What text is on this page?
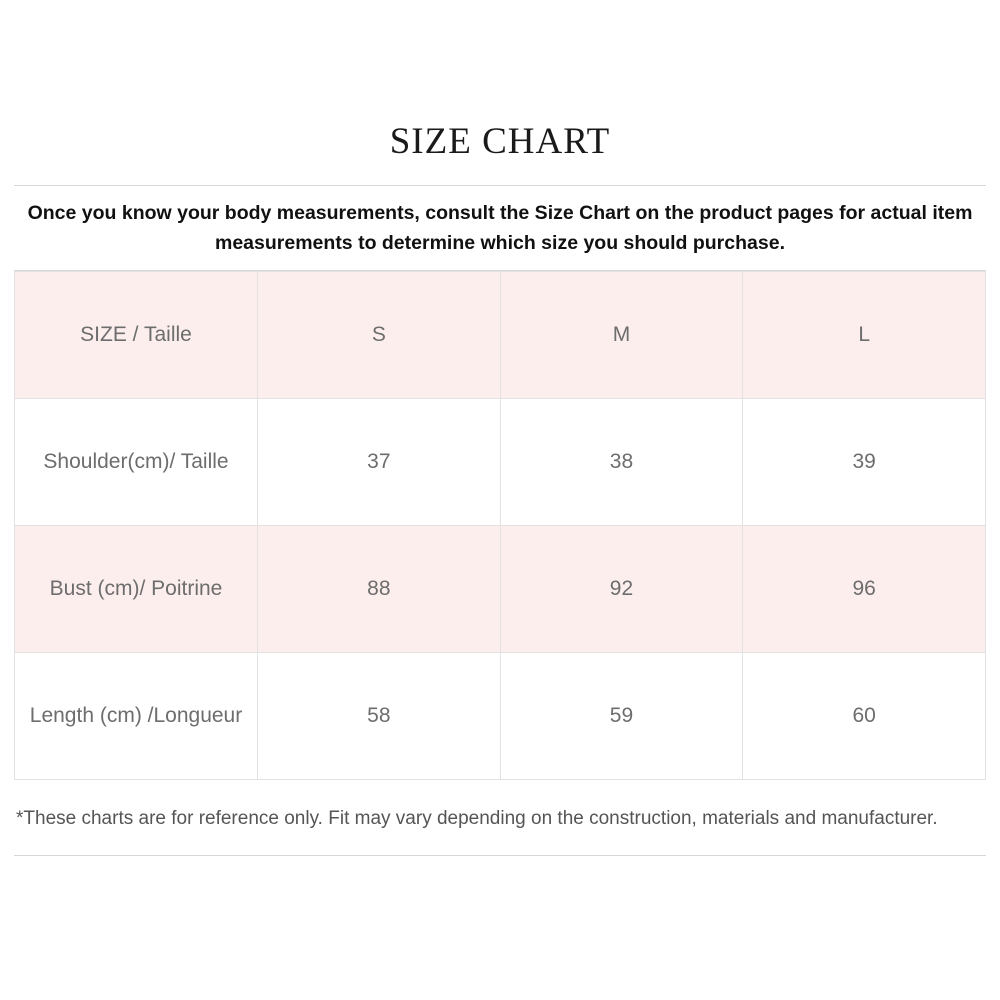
SIZE CHART
Once you know your body measurements, consult the Size Chart on the product pages for actual item measurements to determine which size you should purchase.
SIZE / Taille	S	M	L
Shoulder(cm)/ Taille	37	38	39
Bust (cm)/ Poitrine	88	92	96
Length (cm) /Longueur	58	59	60
*These charts are for reference only. Fit may vary depending on the construction, materials and manufacturer.
